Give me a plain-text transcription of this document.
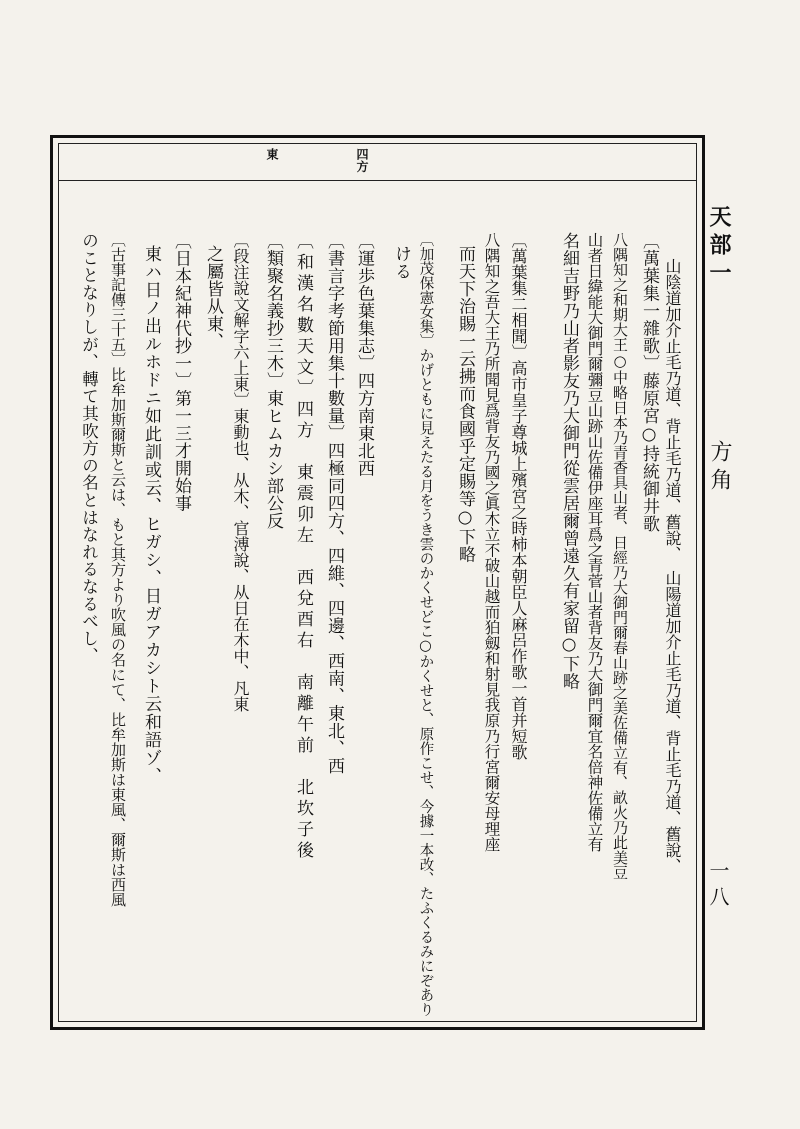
四方
東
天部一
方角
一八
山陰道加介止毛乃道、背止毛乃道、舊說、　山陽道加介止毛乃道、背止毛乃道、舊說、
〔萬葉集一雜歌〕藤原宮○持統御井歌
八隅知之和期大王○中略日本乃青香具山者、日經乃大御門爾春山跡之美佐備立有、畝火乃此美豆
山者日緯能大御門爾彌豆山跡山佐備伊座耳爲之青菅山者背友乃大御門爾宜名倍神佐備立有
名細吉野乃山者影友乃大御門從雲居爾曾遠久有家留○下略
〔萬葉集二相聞〕高市皇子尊城上殯宮之時柿本朝臣人麻呂作歌一首并短歌
八隅知之吾大王乃所聞見爲背友乃國之眞木立不破山越而狛劔和射見我原乃行宮爾安母理座
而天下治賜一云拂而食國乎定賜等○下略
〔加茂保憲女集〕かげともに見えたる月をうき雲のかくせどこ○かくせと、原作こせ、今據一本改、たふくるみにぞあり
ける
〔運歩色葉集志〕四方南東北西
〔書言字考節用集十數量〕四極同四方、四維、四邊、西南、東北、西
〔和漢名數天文〕四方　東震卯左　西兌酉右　南離午前　北坎子後
〔類聚名義抄三木〕東ヒムカシ部公反
〔段注說文解字六上東〕東動也、从木、官溥說、从日在木中、凡東
之屬皆从東、
〔日本紀神代抄一〕第一三才開始事
東ハ日ノ出ルホドニ如此訓或云、ヒガシ、日ガアカシト云和語ゾ、
〔古事記傳三十五〕比牟加斯爾斯と云は、もと其方より吹風の名にて、比牟加斯は東風、爾斯は西風
のことなりしが、轉て其吹方の名とはなれるなるべし、
